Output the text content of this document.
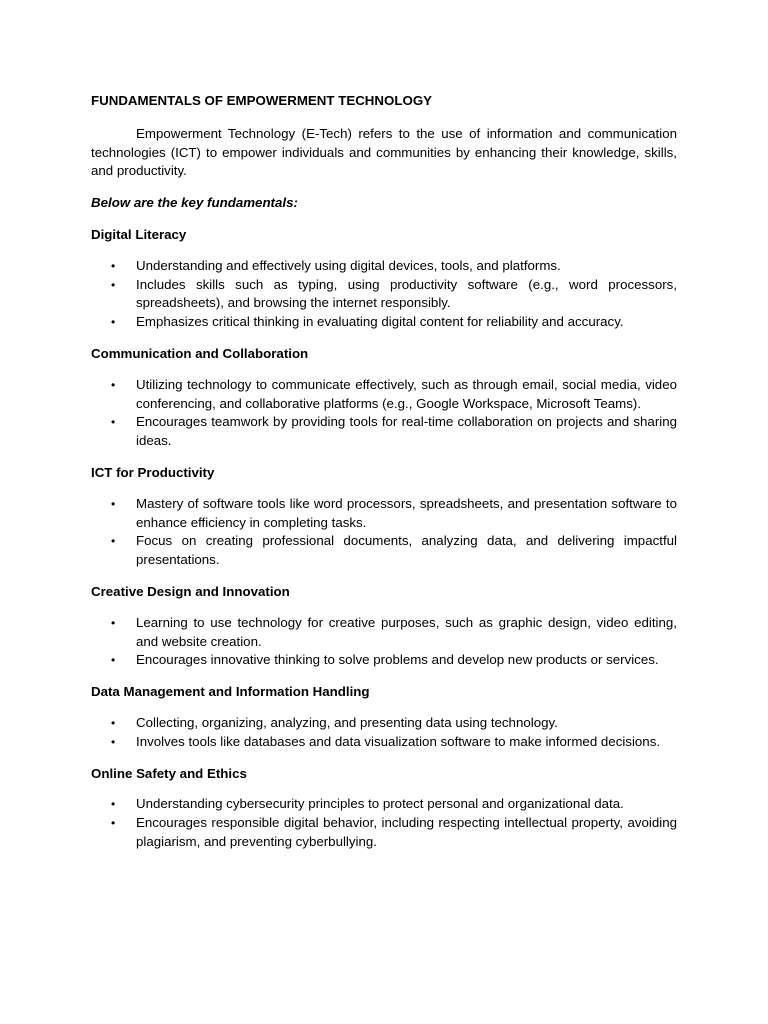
FUNDAMENTALS OF EMPOWERMENT TECHNOLOGY

Empowerment Technology (E-Tech) refers to the use of information and communication technologies (ICT) to empower individuals and communities by enhancing their knowledge, skills, and productivity.

Below are the key fundamentals:

Digital Literacy

• Understanding and effectively using digital devices, tools, and platforms.
• Includes skills such as typing, using productivity software (e.g., word processors, spreadsheets), and browsing the internet responsibly.
• Emphasizes critical thinking in evaluating digital content for reliability and accuracy.

Communication and Collaboration

• Utilizing technology to communicate effectively, such as through email, social media, video conferencing, and collaborative platforms (e.g., Google Workspace, Microsoft Teams).
• Encourages teamwork by providing tools for real-time collaboration on projects and sharing ideas.

ICT for Productivity

• Mastery of software tools like word processors, spreadsheets, and presentation software to enhance efficiency in completing tasks.
• Focus on creating professional documents, analyzing data, and delivering impactful presentations.

Creative Design and Innovation

• Learning to use technology for creative purposes, such as graphic design, video editing, and website creation.
• Encourages innovative thinking to solve problems and develop new products or services.

Data Management and Information Handling

• Collecting, organizing, analyzing, and presenting data using technology.
• Involves tools like databases and data visualization software to make informed decisions.

Online Safety and Ethics

• Understanding cybersecurity principles to protect personal and organizational data.
• Encourages responsible digital behavior, including respecting intellectual property, avoiding plagiarism, and preventing cyberbullying.
